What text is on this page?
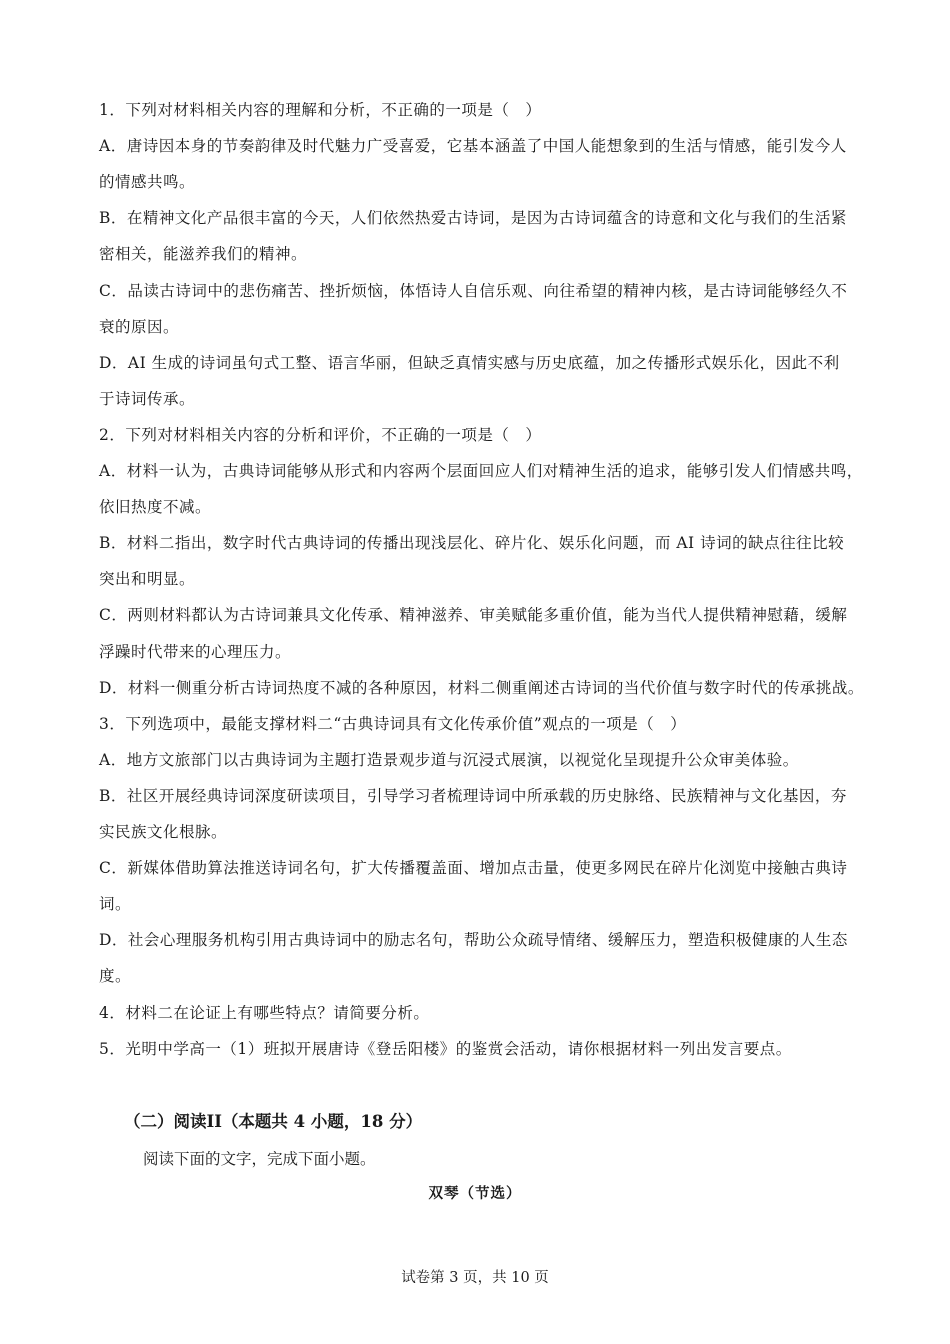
1．下列对材料相关内容的理解和分析，不正确的一项是（　）
A．唐诗因本身的节奏韵律及时代魅力广受喜爱，它基本涵盖了中国人能想象到的生活与情感，能引发今人
的情感共鸣。
B．在精神文化产品很丰富的今天，人们依然热爱古诗词，是因为古诗词蕴含的诗意和文化与我们的生活紧
密相关，能滋养我们的精神。
C．品读古诗词中的悲伤痛苦、挫折烦恼，体悟诗人自信乐观、向往希望的精神内核，是古诗词能够经久不
衰的原因。
D．AI 生成的诗词虽句式工整、语言华丽，但缺乏真情实感与历史底蕴，加之传播形式娱乐化，因此不利
于诗词传承。
2．下列对材料相关内容的分析和评价，不正确的一项是（　）
A．材料一认为，古典诗词能够从形式和内容两个层面回应人们对精神生活的追求，能够引发人们情感共鸣，
依旧热度不减。
B．材料二指出，数字时代古典诗词的传播出现浅层化、碎片化、娱乐化问题，而 AI 诗词的缺点往往比较
突出和明显。
C．两则材料都认为古诗词兼具文化传承、精神滋养、审美赋能多重价值，能为当代人提供精神慰藉，缓解
浮躁时代带来的心理压力。
D．材料一侧重分析古诗词热度不减的各种原因，材料二侧重阐述古诗词的当代价值与数字时代的传承挑战。
3．下列选项中，最能支撑材料二“古典诗词具有文化传承价值”观点的一项是（　）
A．地方文旅部门以古典诗词为主题打造景观步道与沉浸式展演，以视觉化呈现提升公众审美体验。
B．社区开展经典诗词深度研读项目，引导学习者梳理诗词中所承载的历史脉络、民族精神与文化基因，夯
实民族文化根脉。
C．新媒体借助算法推送诗词名句，扩大传播覆盖面、增加点击量，使更多网民在碎片化浏览中接触古典诗
词。
D．社会心理服务机构引用古典诗词中的励志名句，帮助公众疏导情绪、缓解压力，塑造积极健康的人生态
度。
4．材料二在论证上有哪些特点？请简要分析。
5．光明中学高一（1）班拟开展唐诗《登岳阳楼》的鉴赏会活动，请你根据材料一列出发言要点。
（二）阅读II（本题共 4 小题，18 分）
阅读下面的文字，完成下面小题。
双琴（节选）
试卷第 3 页，共 10 页
